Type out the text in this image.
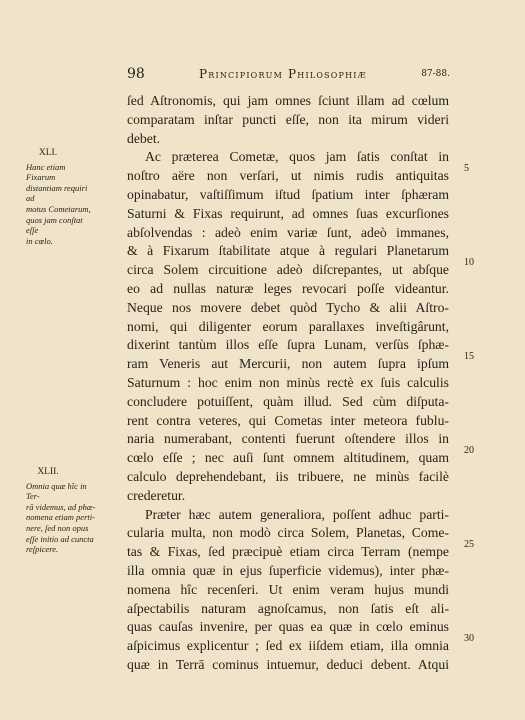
98	Principiorum Philosophiæ	87-88.
XLI.
Hanc etiam Fixarum
distantiam requiri ad
motus Cometarum,
quos jam conſtat eſſe
in cœlo.
XLII.
Omnia quæ hîc in Ter-
rā videmus, ad phæ-
nomena etiam perti-
nere, ſed non opus
eſſe initio ad cuncta
reſpicere.
ſed Aſtronomis, qui jam omnes ſciunt illam ad cœlum
comparatam inſtar puncti eſſe, non ita mirum videri
debet.
Ac præterea Cometæ, quos jam ſatis conſtat in
noſtro aëre non verſari, ut nimis rudis antiquitas
opinabatur, vaſtiſſimum iſtud ſpatium inter ſphæram
Saturni & Fixas requirunt, ad omnes ſuas excurſiones
abſolvendas : adeò enim variæ ſunt, adeò immanes,
& à Fixarum ſtabilitate atque à regulari Planetarum
circa Solem circuitione adeò diſcrepantes, ut abſque
eo ad nullas naturæ leges revocari poſſe videantur.
Neque nos movere debet quòd Tycho & alii Aſtro-
nomi, qui diligenter eorum parallaxes inveſtigârunt,
dixerint tantùm illos eſſe ſupra Lunam, verſùs ſphæ-
ram Veneris aut Mercurii, non autem ſupra ipſum
Saturnum : hoc enim non minùs rectè ex ſuis calculis
concludere potuiſſent, quàm illud. Sed cùm diſputa-
rent contra veteres, qui Cometas inter meteora fublu-
naria numerabant, contenti fuerunt oſtendere illos in
cœlo eſſe ; nec auſi ſunt omnem altitudinem, quam
calculo deprehendebant, iis tribuere, ne minùs facilè
crederetur.
Præter hæc autem generaliora, poſſent adhuc parti-
cularia multa, non modò circa Solem, Planetas, Come-
tas & Fixas, ſed præcipuè etiam circa Terram (nempe
illa omnia quæ in ejus ſuperficie videmus), inter phæ-
nomena hîc recenſeri. Ut enim veram hujus mundi
aſpectabilis naturam agnoſcamus, non ſatis eſt ali-
quas cauſas invenire, per quas ea quæ in cœlo eminus
aſpicimus explicentur ; ſed ex iiſdem etiam, illa omnia
quæ in Terrā cominus intuemur, deduci debent. Atqui
5
10
15
20
25
30
